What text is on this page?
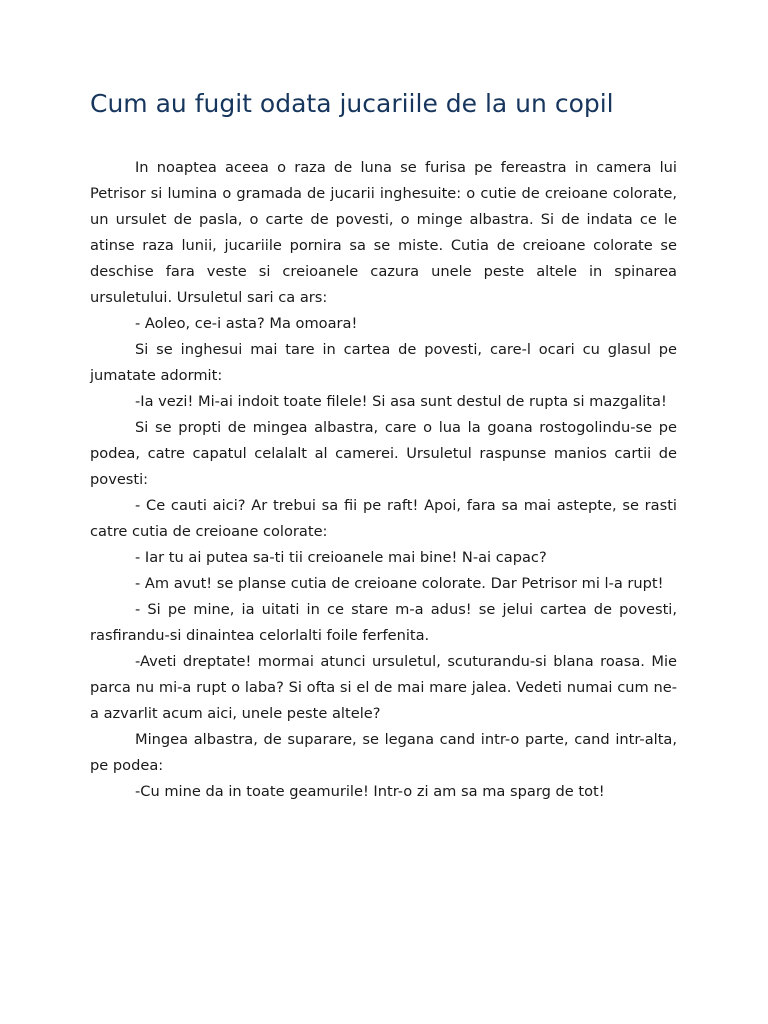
Cum au fugit odata jucariile de la un copil

In noaptea aceea o raza de luna se furisa pe fereastra in camera lui Petrisor si lumina o gramada de jucarii inghesuite: o cutie de creioane colorate, un ursulet de pasla, o carte de povesti, o minge albastra. Si de indata ce le atinse raza lunii, jucariile pornira sa se miste. Cutia de creioane colorate se deschise fara veste si creioanele cazura unele peste altele in spinarea ursuletului. Ursuletul sari ca ars:

- Aoleo, ce-i asta? Ma omoara!

Si se inghesui mai tare in cartea de povesti, care-l ocari cu glasul pe jumatate adormit:

-Ia vezi! Mi-ai indoit toate filele! Si asa sunt destul de rupta si mazgalita!

Si se propti de mingea albastra, care o lua la goana rostogolindu-se pe podea, catre capatul celalalt al camerei. Ursuletul raspunse manios cartii de povesti:

- Ce cauti aici? Ar trebui sa fii pe raft! Apoi, fara sa mai astepte, se rasti catre cutia de creioane colorate:

- Iar tu ai putea sa-ti tii creioanele mai bine! N-ai capac?

- Am avut! se planse cutia de creioane colorate. Dar Petrisor mi l-a rupt!

- Si pe mine, ia uitati in ce stare m-a adus! se jelui cartea de povesti, rasfirandu-si dinaintea celorlalti foile ferfenita.

-Aveti dreptate! mormai atunci ursuletul, scuturandu-si blana roasa. Mie parca nu mi-a rupt o laba? Si ofta si el de mai mare jalea. Vedeti numai cum ne-a azvarlit acum aici, unele peste altele?

Mingea albastra, de suparare, se legana cand intr-o parte, cand intr-alta, pe podea:

-Cu mine da in toate geamurile! Intr-o zi am sa ma sparg de tot!
